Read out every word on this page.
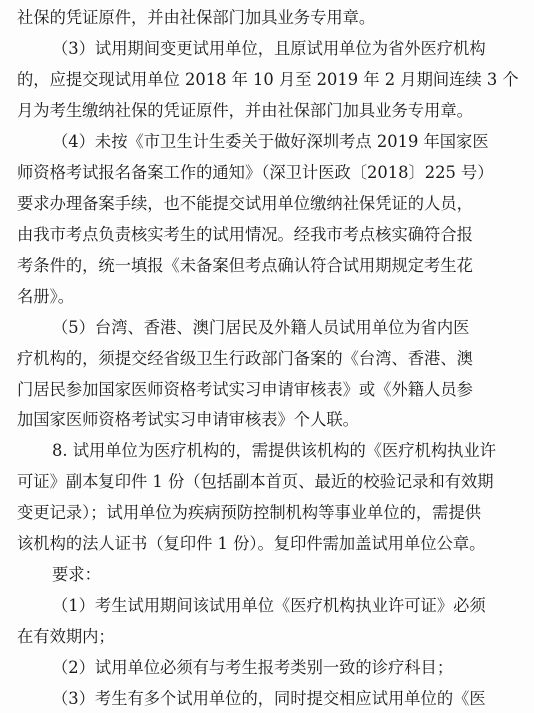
社保的凭证原件，并由社保部门加具业务专用章。
（3）试用期间变更试用单位，且原试用单位为省外医疗机构
的，应提交现试用单位 2018 年 10 月至 2019 年 2 月期间连续 3 个
月为考生缴纳社保的凭证原件，并由社保部门加具业务专用章。
（4）未按《市卫生计生委关于做好深圳考点 2019 年国家医
师资格考试报名备案工作的通知》（深卫计医政〔2018〕225 号）
要求办理备案手续，也不能提交试用单位缴纳社保凭证的人员，
由我市考点负责核实考生的试用情况。经我市考点核实确符合报
考条件的，统一填报《未备案但考点确认符合试用期规定考生花
名册》。
（5）台湾、香港、澳门居民及外籍人员试用单位为省内医
疗机构的，须提交经省级卫生行政部门备案的《台湾、香港、澳
门居民参加国家医师资格考试实习申请审核表》或《外籍人员参
加国家医师资格考试实习申请审核表》个人联。
8. 试用单位为医疗机构的，需提供该机构的《医疗机构执业许
可证》副本复印件 1 份（包括副本首页、最近的校验记录和有效期
变更记录）；试用单位为疾病预防控制机构等事业单位的，需提供
该机构的法人证书（复印件 1 份）。复印件需加盖试用单位公章。
要求：
（1）考生试用期间该试用单位《医疗机构执业许可证》必须
在有效期内；
（2）试用单位必须有与考生报考类别一致的诊疗科目；
（3）考生有多个试用单位的，同时提交相应试用单位的《医
